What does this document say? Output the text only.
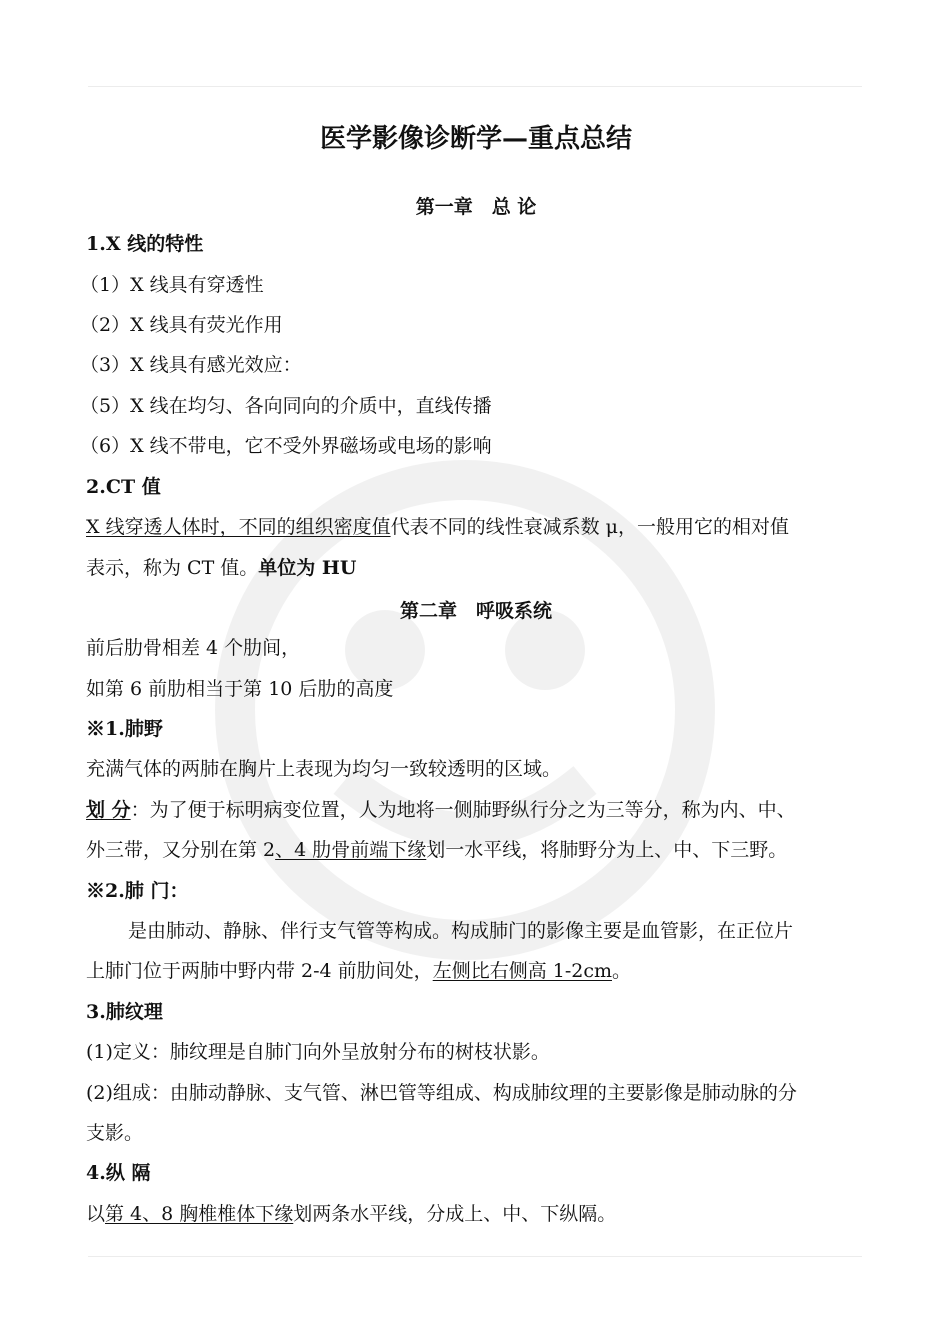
医学影像诊断学—重点总结
第一章　总 论
1.X 线的特性
（1）X 线具有穿透性
（2）X 线具有荧光作用
（3）X 线具有感光效应：
（5）X 线在均匀、各向同向的介质中，直线传播
（6）X 线不带电，它不受外界磁场或电场的影响
2.CT 值
X 线穿透人体时，不同的组织密度值代表不同的线性衰减系数 μ，一般用它的相对值
表示，称为 CT 值。单位为 HU
第二章　呼吸系统
前后肋骨相差 4 个肋间，
如第 6 前肋相当于第 10 后肋的高度
※1.肺野
充满气体的两肺在胸片上表现为均匀一致较透明的区域。
划 分：为了便于标明病变位置，人为地将一侧肺野纵行分之为三等分，称为内、中、
外三带，又分别在第 2、4 肋骨前端下缘划一水平线，将肺野分为上、中、下三野。
※2.肺 门：
是由肺动、静脉、伴行支气管等构成。构成肺门的影像主要是血管影，在正位片
上肺门位于两肺中野内带 2-4 前肋间处，左侧比右侧高 1-2cm。
3.肺纹理
(1)定义：肺纹理是自肺门向外呈放射分布的树枝状影。
(2)组成：由肺动静脉、支气管、淋巴管等组成、构成肺纹理的主要影像是肺动脉的分
支影。
4.纵 隔
以第 4、8 胸椎椎体下缘划两条水平线，分成上、中、下纵隔。
